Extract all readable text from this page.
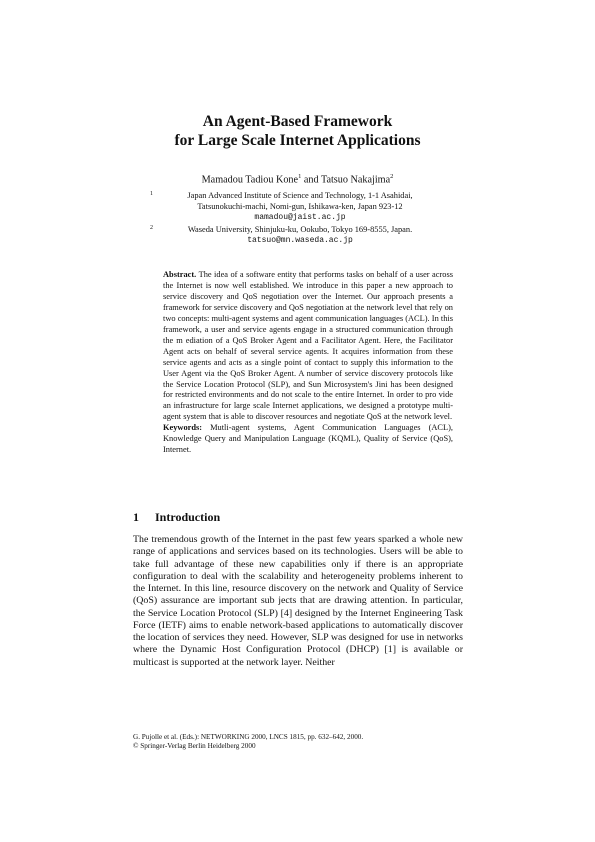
An Agent-Based Framework
for Large Scale Internet Applications
Mamadou Tadiou Kone$^1$ and Tatsuo Nakajima$^2$
1	Japan Advanced Institute of Science and Technology, 1-1 Asahidai,
Tatsunokuchi-machi, Nomi-gun, Ishikawa-ken, Japan 923-12
mamadou@jaist.ac.jp
2	Waseda University, Shinjuku-ku, Ookubo, Tokyo 169-8555, Japan.
tatsuo@mn.waseda.ac.jp
Abstract. The idea of a software entity that performs tasks on behalf of a user across the Internet is now well established. We introduce in this paper a new approach to service discovery and QoS negotiation over the Internet. Our approach presents a framework for service discovery and QoS negotiation at the network level that rely on two concepts: multi-agent systems and agent communication languages (ACL). In this framework, a user and service agents engage in a structured communication through the m ediation of a QoS Broker Agent and a Facilitator Agent. Here, the Facilitator Agent acts on behalf of several service agents. It acquires information from these service agents and acts as a single point of contact to supply this information to the User Agent via the QoS Broker Agent. A number of service discovery protocols like the Service Location Protocol (SLP), and Sun Microsystem's Jini has been designed for restricted environments and do not scale to the entire Internet. In order to pro vide an infrastructure for large scale Internet applications, we designed a prototype multi-agent system that is able to discover resources and negotiate QoS at the network level.
Keywords: Mutli-agent systems, Agent Communication Languages (ACL), Knowledge Query and Manipulation Language (KQML), Quality of Service (QoS), Internet.
1 Introduction
The tremendous growth of the Internet in the past few years sparked a whole new range of applications and services based on its technologies. Users will be able to take full advantage of these new capabilities only if there is an appropriate configuration to deal with the scalability and heterogeneity problems inherent to the Internet. In this line, resource discovery on the network and Quality of Service (QoS) assurance are important sub jects that are drawing attention. In particular, the Service Location Protocol (SLP) [4] designed by the Internet Engineering Task Force (IETF) aims to enable network-based applications to automatically discover the location of services they need. However, SLP was designed for use in networks where the Dynamic Host Configuration Protocol (DHCP) [1] is available or multicast is supported at the network layer. Neither
G. Pujolle et al. (Eds.): NETWORKING 2000, LNCS 1815, pp. 632–642, 2000.
© Springer-Verlag Berlin Heidelberg 2000
